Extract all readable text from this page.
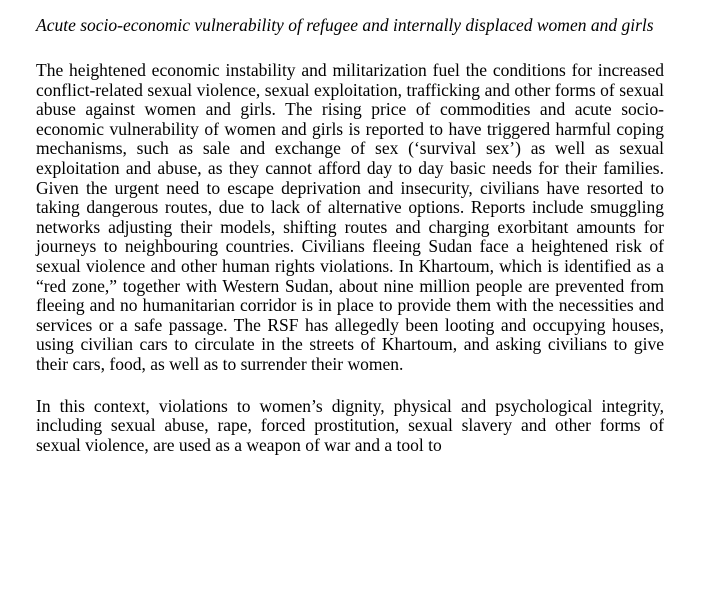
Acute socio-economic vulnerability of refugee and internally displaced women and girls

The heightened economic instability and militarization fuel the conditions for increased conflict-related sexual violence, sexual exploitation, trafficking and other forms of sexual abuse against women and girls. The rising price of commodities and acute socio-economic vulnerability of women and girls is reported to have triggered harmful coping mechanisms, such as sale and exchange of sex (‘survival sex’) as well as sexual exploitation and abuse, as they cannot afford day to day basic needs for their families. Given the urgent need to escape deprivation and insecurity, civilians have resorted to taking dangerous routes, due to lack of alternative options. Reports include smuggling networks adjusting their models, shifting routes and charging exorbitant amounts for journeys to neighbouring countries. Civilians fleeing Sudan face a heightened risk of sexual violence and other human rights violations. In Khartoum, which is identified as a “red zone,” together with Western Sudan, about nine million people are prevented from fleeing and no humanitarian corridor is in place to provide them with the necessities and services or a safe passage. The RSF has allegedly been looting and occupying houses, using civilian cars to circulate in the streets of Khartoum, and asking civilians to give their cars, food, as well as to surrender their women.

In this context, violations to women’s dignity, physical and psychological integrity, including sexual abuse, rape, forced prostitution, sexual slavery and other forms of sexual violence, are used as a weapon of war and a tool to
